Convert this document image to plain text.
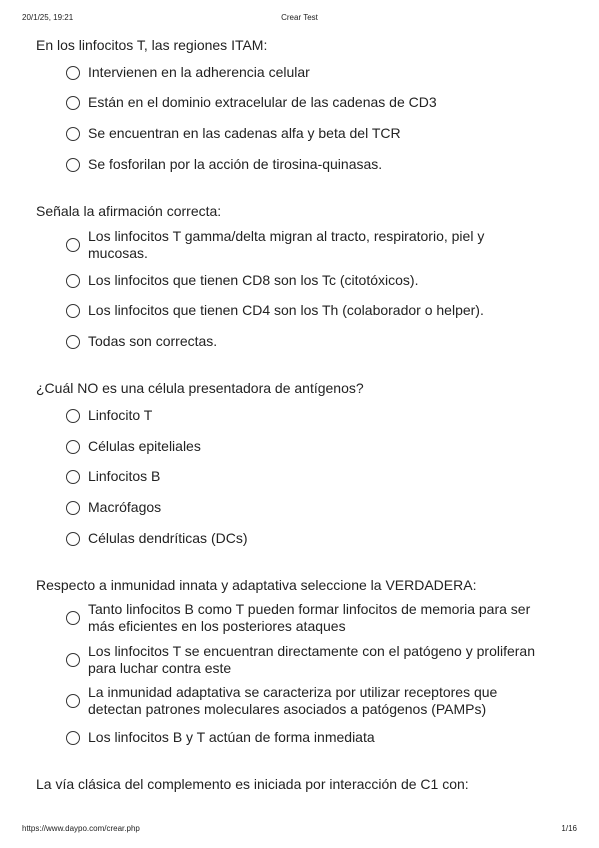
20/1/25, 19:21	Crear Test
En los linfocitos T, las regiones ITAM:
Intervienen en la adherencia celular
Están en el dominio extracelular de las cadenas de CD3
Se encuentran en las cadenas alfa y beta del TCR
Se fosforilan por la acción de tirosina-quinasas.
Señala la afirmación correcta:
Los linfocitos T gamma/delta migran al tracto, respiratorio, piel y mucosas.
Los linfocitos que tienen CD8 son los Tc (citotóxicos).
Los linfocitos que tienen CD4 son los Th (colaborador o helper).
Todas son correctas.
¿Cuál NO es una célula presentadora de antígenos?
Linfocito T
Células epiteliales
Linfocitos B
Macrófagos
Células dendríticas (DCs)
Respecto a inmunidad innata y adaptativa seleccione la VERDADERA:
Tanto linfocitos B como T pueden formar linfocitos de memoria para ser más eficientes en los posteriores ataques
Los linfocitos T se encuentran directamente con el patógeno y proliferan para luchar contra este
La inmunidad adaptativa se caracteriza por utilizar receptores que detectan patrones moleculares asociados a patógenos (PAMPs)
Los linfocitos B y T actúan de forma inmediata
La vía clásica del complemento es iniciada por interacción de C1 con:
https://www.daypo.com/crear.php	1/16
